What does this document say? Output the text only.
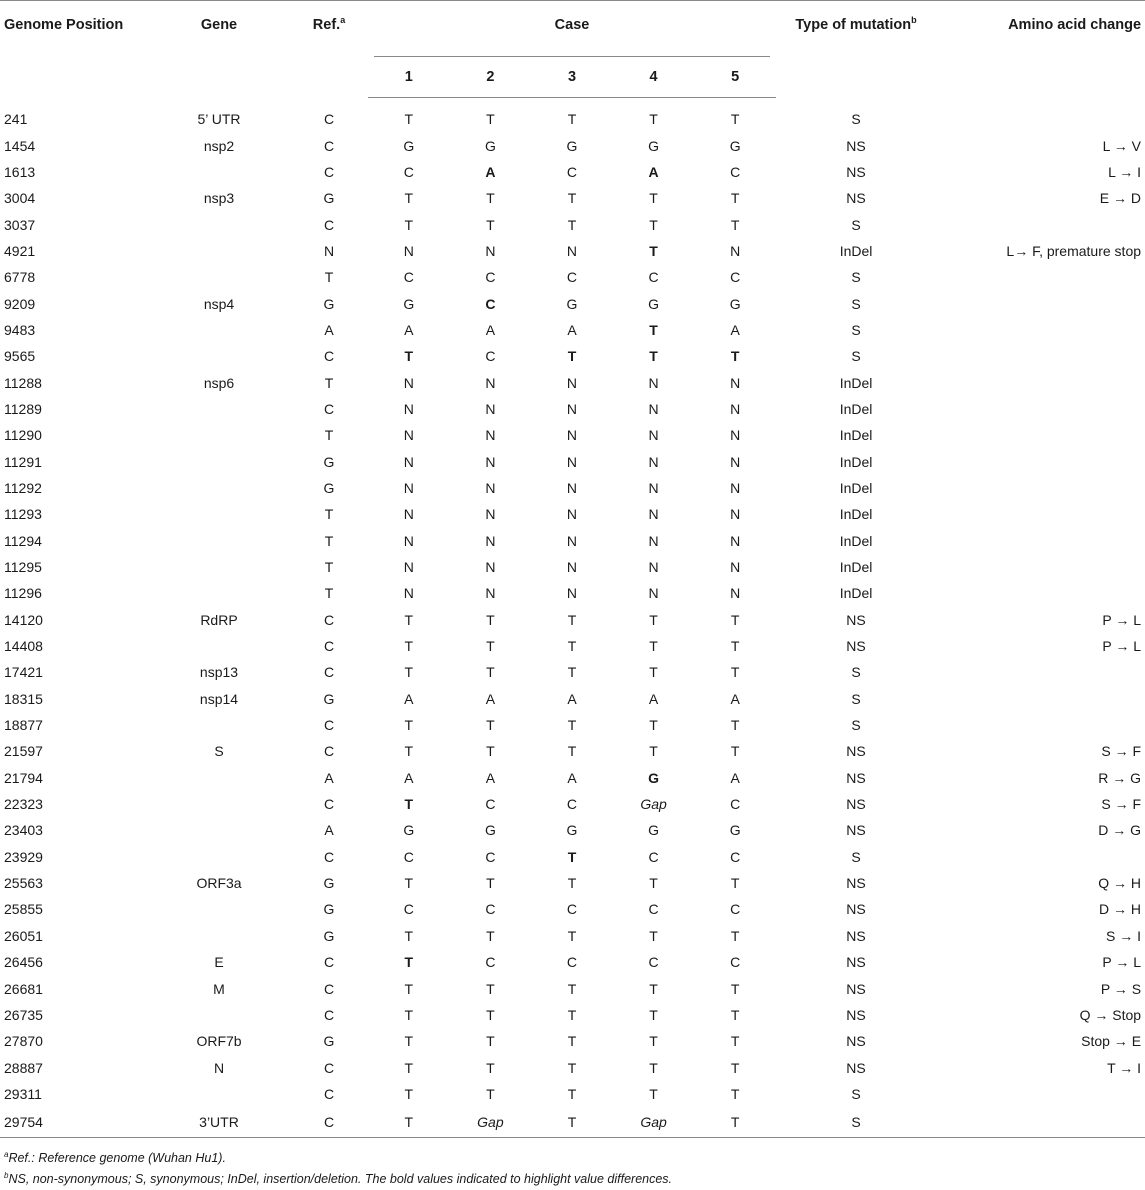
Genome Position	Gene	Ref.$^a$	Case					Type of mutation$^b$	Amino acid change
			1	2	3	4	5		
241	5’ UTR	C	T	T	T	T	T	S	
1454	nsp2	C	G	G	G	G	G	NS	L → V
1613		C	C	A	C	A	C	NS	L → I
3004	nsp3	G	T	T	T	T	T	NS	E → D
3037		C	T	T	T	T	T	S	
4921		N	N	N	N	T	N	InDel	L→ F, premature stop
6778		T	C	C	C	C	C	S	
9209	nsp4	G	G	C	G	G	G	S	
9483		A	A	A	A	T	A	S	
9565		C	T	C	T	T	T	S	
11288	nsp6	T	N	N	N	N	N	InDel	
11289		C	N	N	N	N	N	InDel	
11290		T	N	N	N	N	N	InDel	
11291		G	N	N	N	N	N	InDel	
11292		G	N	N	N	N	N	InDel	
11293		T	N	N	N	N	N	InDel	
11294		T	N	N	N	N	N	InDel	
11295		T	N	N	N	N	N	InDel	
11296		T	N	N	N	N	N	InDel	
14120	RdRP	C	T	T	T	T	T	NS	P → L
14408		C	T	T	T	T	T	NS	P → L
17421	nsp13	C	T	T	T	T	T	S	
18315	nsp14	G	A	A	A	A	A	S	
18877		C	T	T	T	T	T	S	
21597	S	C	T	T	T	T	T	NS	S → F
21794		A	A	A	A	G	A	NS	R → G
22323		C	T	C	C	Gap	C	NS	S → F
23403		A	G	G	G	G	G	NS	D → G
23929		C	C	C	T	C	C	S	
25563	ORF3a	G	T	T	T	T	T	NS	Q → H
25855		G	C	C	C	C	C	NS	D → H
26051		G	T	T	T	T	T	NS	S → I
26456	E	C	T	C	C	C	C	NS	P → L
26681	M	C	T	T	T	T	T	NS	P → S
26735		C	T	T	T	T	T	NS	Q → Stop
27870	ORF7b	G	T	T	T	T	T	NS	Stop → E
28887	N	C	T	T	T	T	T	NS	T → I
29311		C	T	T	T	T	T	S	
29754	3’UTR	C	T	Gap	T	Gap	T	S	
$^a$Ref.: Reference genome (Wuhan Hu1).
$^b$NS, non-synonymous; S, synonymous; InDel, insertion/deletion. The bold values indicated to highlight value differences.
